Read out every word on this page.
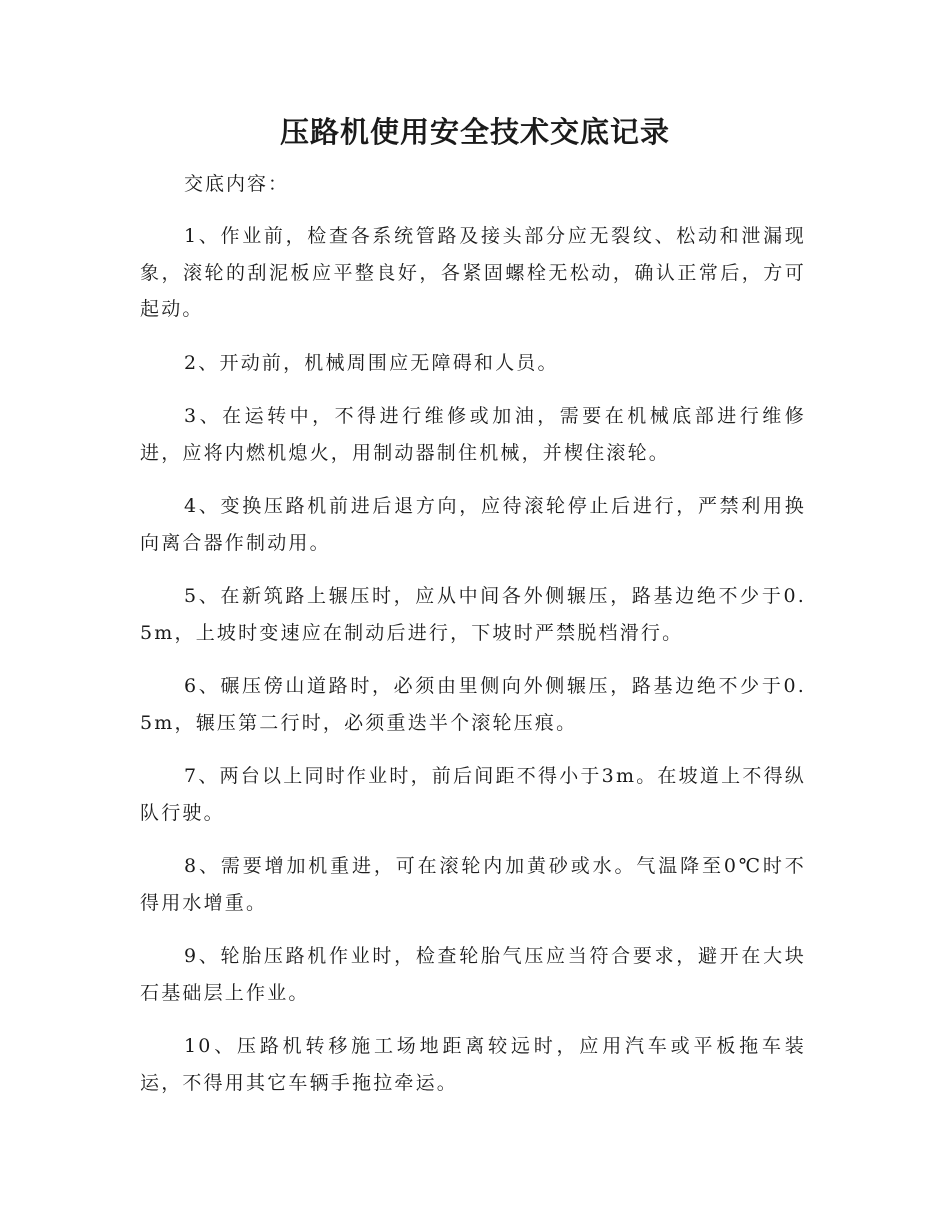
压路机使用安全技术交底记录
交底内容：

1、作业前，检查各系统管路及接头部分应无裂纹、松动和泄漏现象，滚轮的刮泥板应平整良好，各紧固螺栓无松动，确认正常后，方可起动。

2、开动前，机械周围应无障碍和人员。

3、在运转中，不得进行维修或加油，需要在机械底部进行维修进，应将内燃机熄火，用制动器制住机械，并楔住滚轮。

4、变换压路机前进后退方向，应待滚轮停止后进行，严禁利用换向离合器作制动用。

5、在新筑路上辗压时，应从中间各外侧辗压，路基边绝不少于0.5m，上坡时变速应在制动后进行，下坡时严禁脱档滑行。

6、碾压傍山道路时，必须由里侧向外侧辗压，路基边绝不少于0.5m，辗压第二行时，必须重迭半个滚轮压痕。

7、两台以上同时作业时，前后间距不得小于3m。在坡道上不得纵队行驶。

8、需要增加机重进，可在滚轮内加黄砂或水。气温降至0℃时不得用水增重。

9、轮胎压路机作业时，检查轮胎气压应当符合要求，避开在大块石基础层上作业。

10、压路机转移施工场地距离较远时，应用汽车或平板拖车装运，不得用其它车辆手拖拉牵运。
